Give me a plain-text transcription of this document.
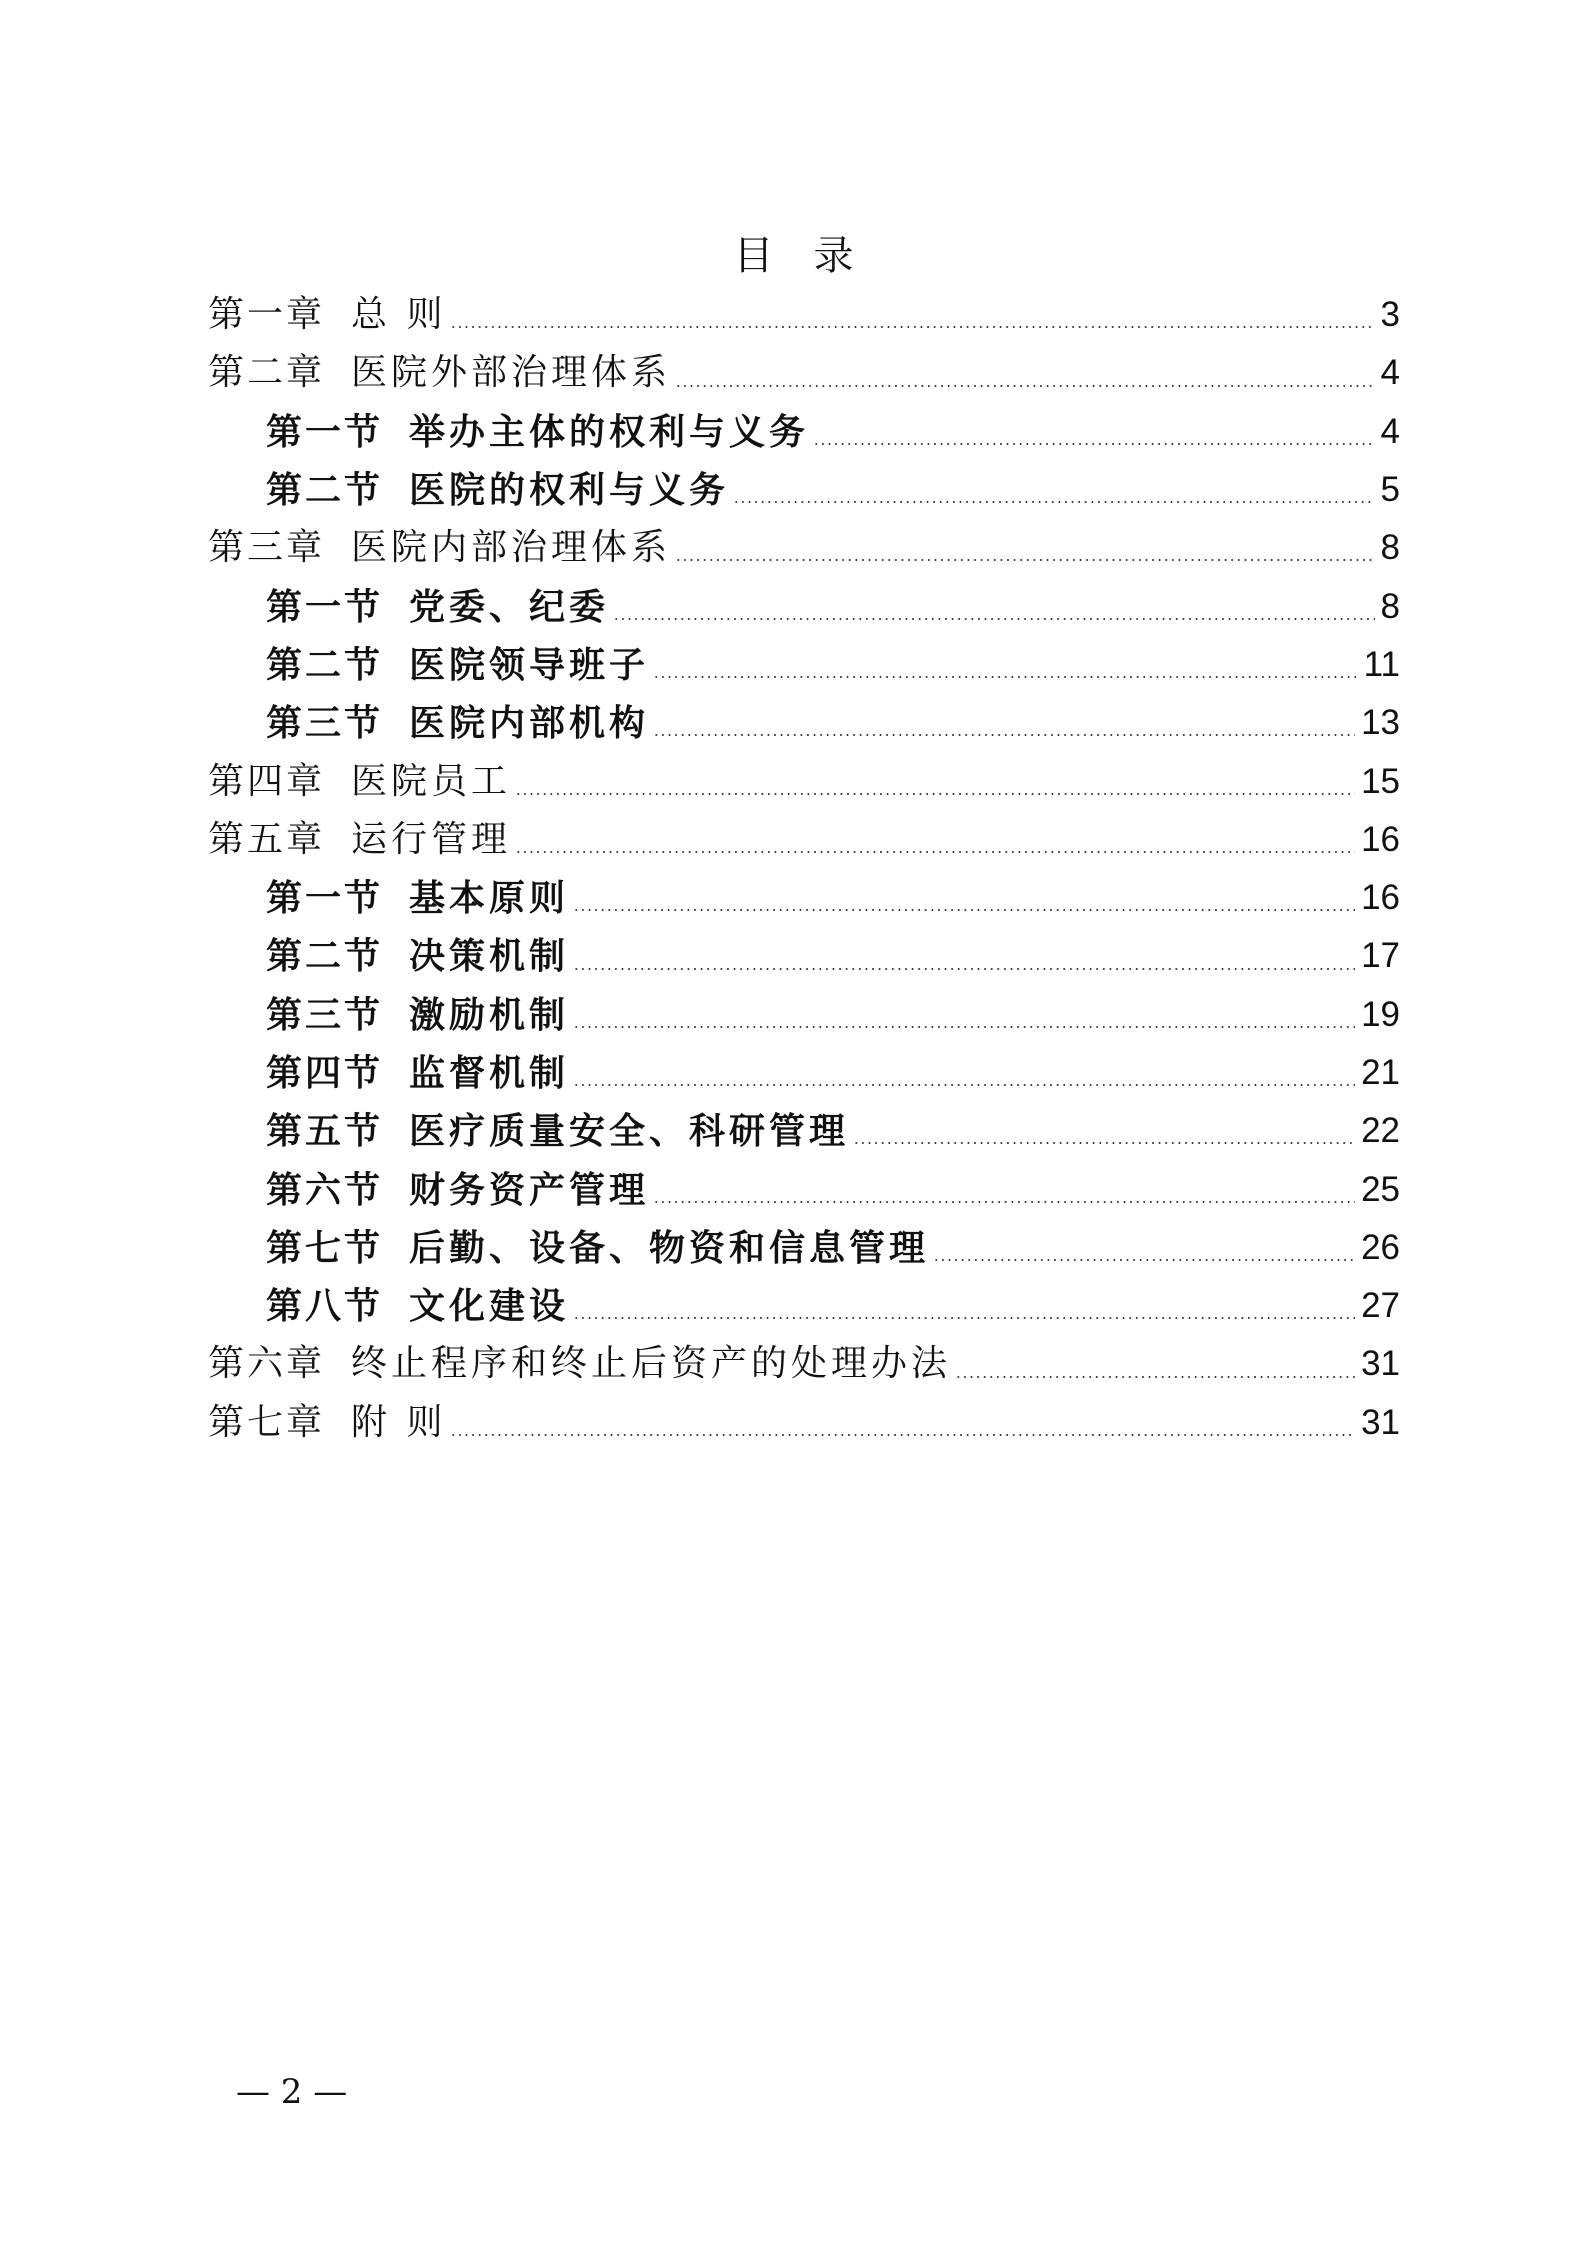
目 录
第一章 总 则	3
第二章 医院外部治理体系	4
第一节 举办主体的权利与义务	4
第二节 医院的权利与义务	5
第三章 医院内部治理体系	8
第一节 党委、纪委	8
第二节 医院领导班子	11
第三节 医院内部机构	13
第四章 医院员工	15
第五章 运行管理	16
第一节 基本原则	16
第二节 决策机制	17
第三节 激励机制	19
第四节 监督机制	21
第五节 医疗质量安全、科研管理	22
第六节 财务资产管理	25
第七节 后勤、设备、物资和信息管理	26
第八节 文化建设	27
第六章 终止程序和终止后资产的处理办法	31
第七章 附 则	31
— 2 —
